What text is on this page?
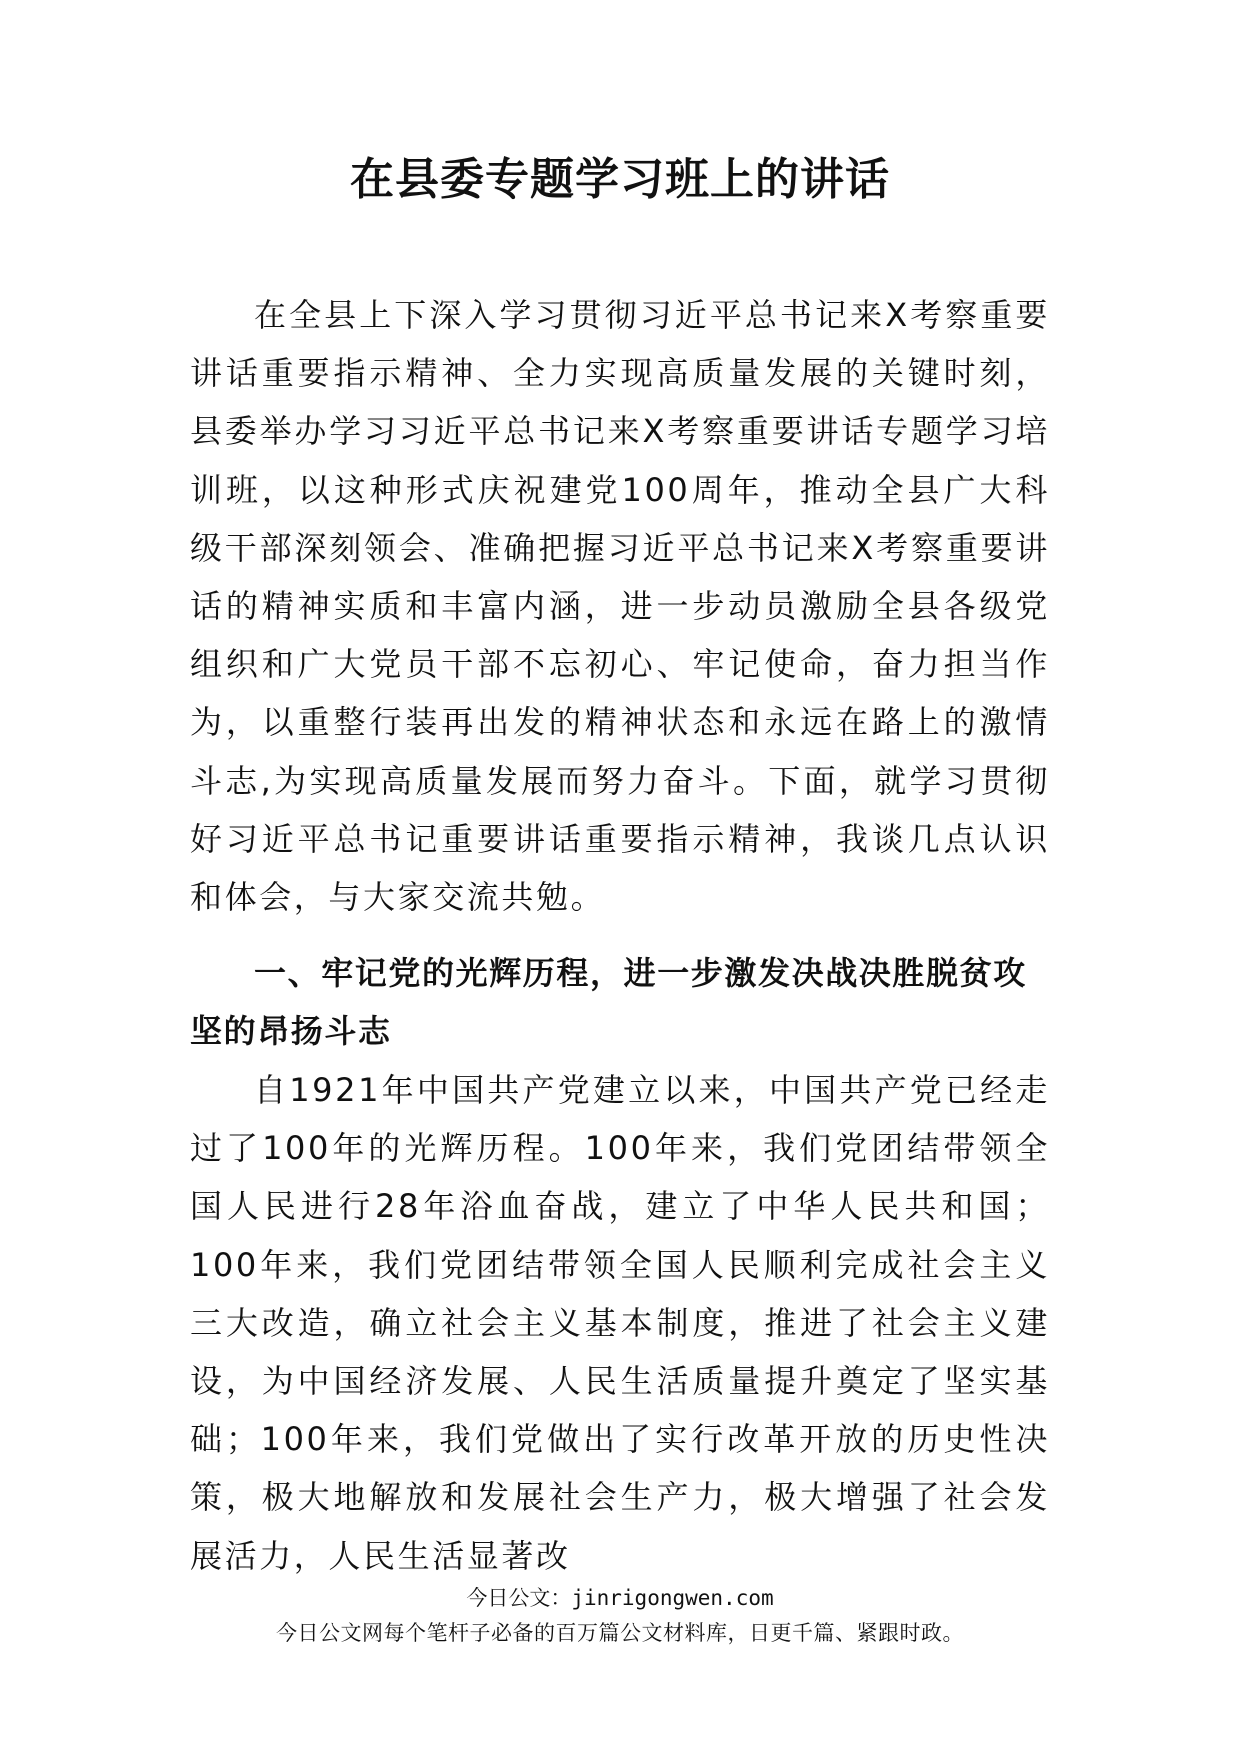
在县委专题学习班上的讲话

在全县上下深入学习贯彻习近平总书记来X考察重要讲话重要指示精神、全力实现高质量发展的关键时刻，县委举办学习习近平总书记来X考察重要讲话专题学习培训班，以这种形式庆祝建党100周年，推动全县广大科级干部深刻领会、准确把握习近平总书记来X考察重要讲话的精神实质和丰富内涵，进一步动员激励全县各级党组织和广大党员干部不忘初心、牢记使命，奋力担当作为，以重整行装再出发的精神状态和永远在路上的激情斗志,为实现高质量发展而努力奋斗。下面，就学习贯彻好习近平总书记重要讲话重要指示精神，我谈几点认识和体会，与大家交流共勉。

一、牢记党的光辉历程，进一步激发决战决胜脱贫攻坚的昂扬斗志

自1921年中国共产党建立以来，中国共产党已经走过了100年的光辉历程。100年来，我们党团结带领全国人民进行28年浴血奋战，建立了中华人民共和国；100年来，我们党团结带领全国人民顺利完成社会主义三大改造，确立社会主义基本制度，推进了社会主义建设，为中国经济发展、人民生活质量提升奠定了坚实基础；100年来，我们党做出了实行改革开放的历史性决策，极大地解放和发展社会生产力，极大增强了社会发展活力，人民生活显著改

今日公文：jinrigongwen.com
今日公文网每个笔杆子必备的百万篇公文材料库，日更千篇、紧跟时政。
